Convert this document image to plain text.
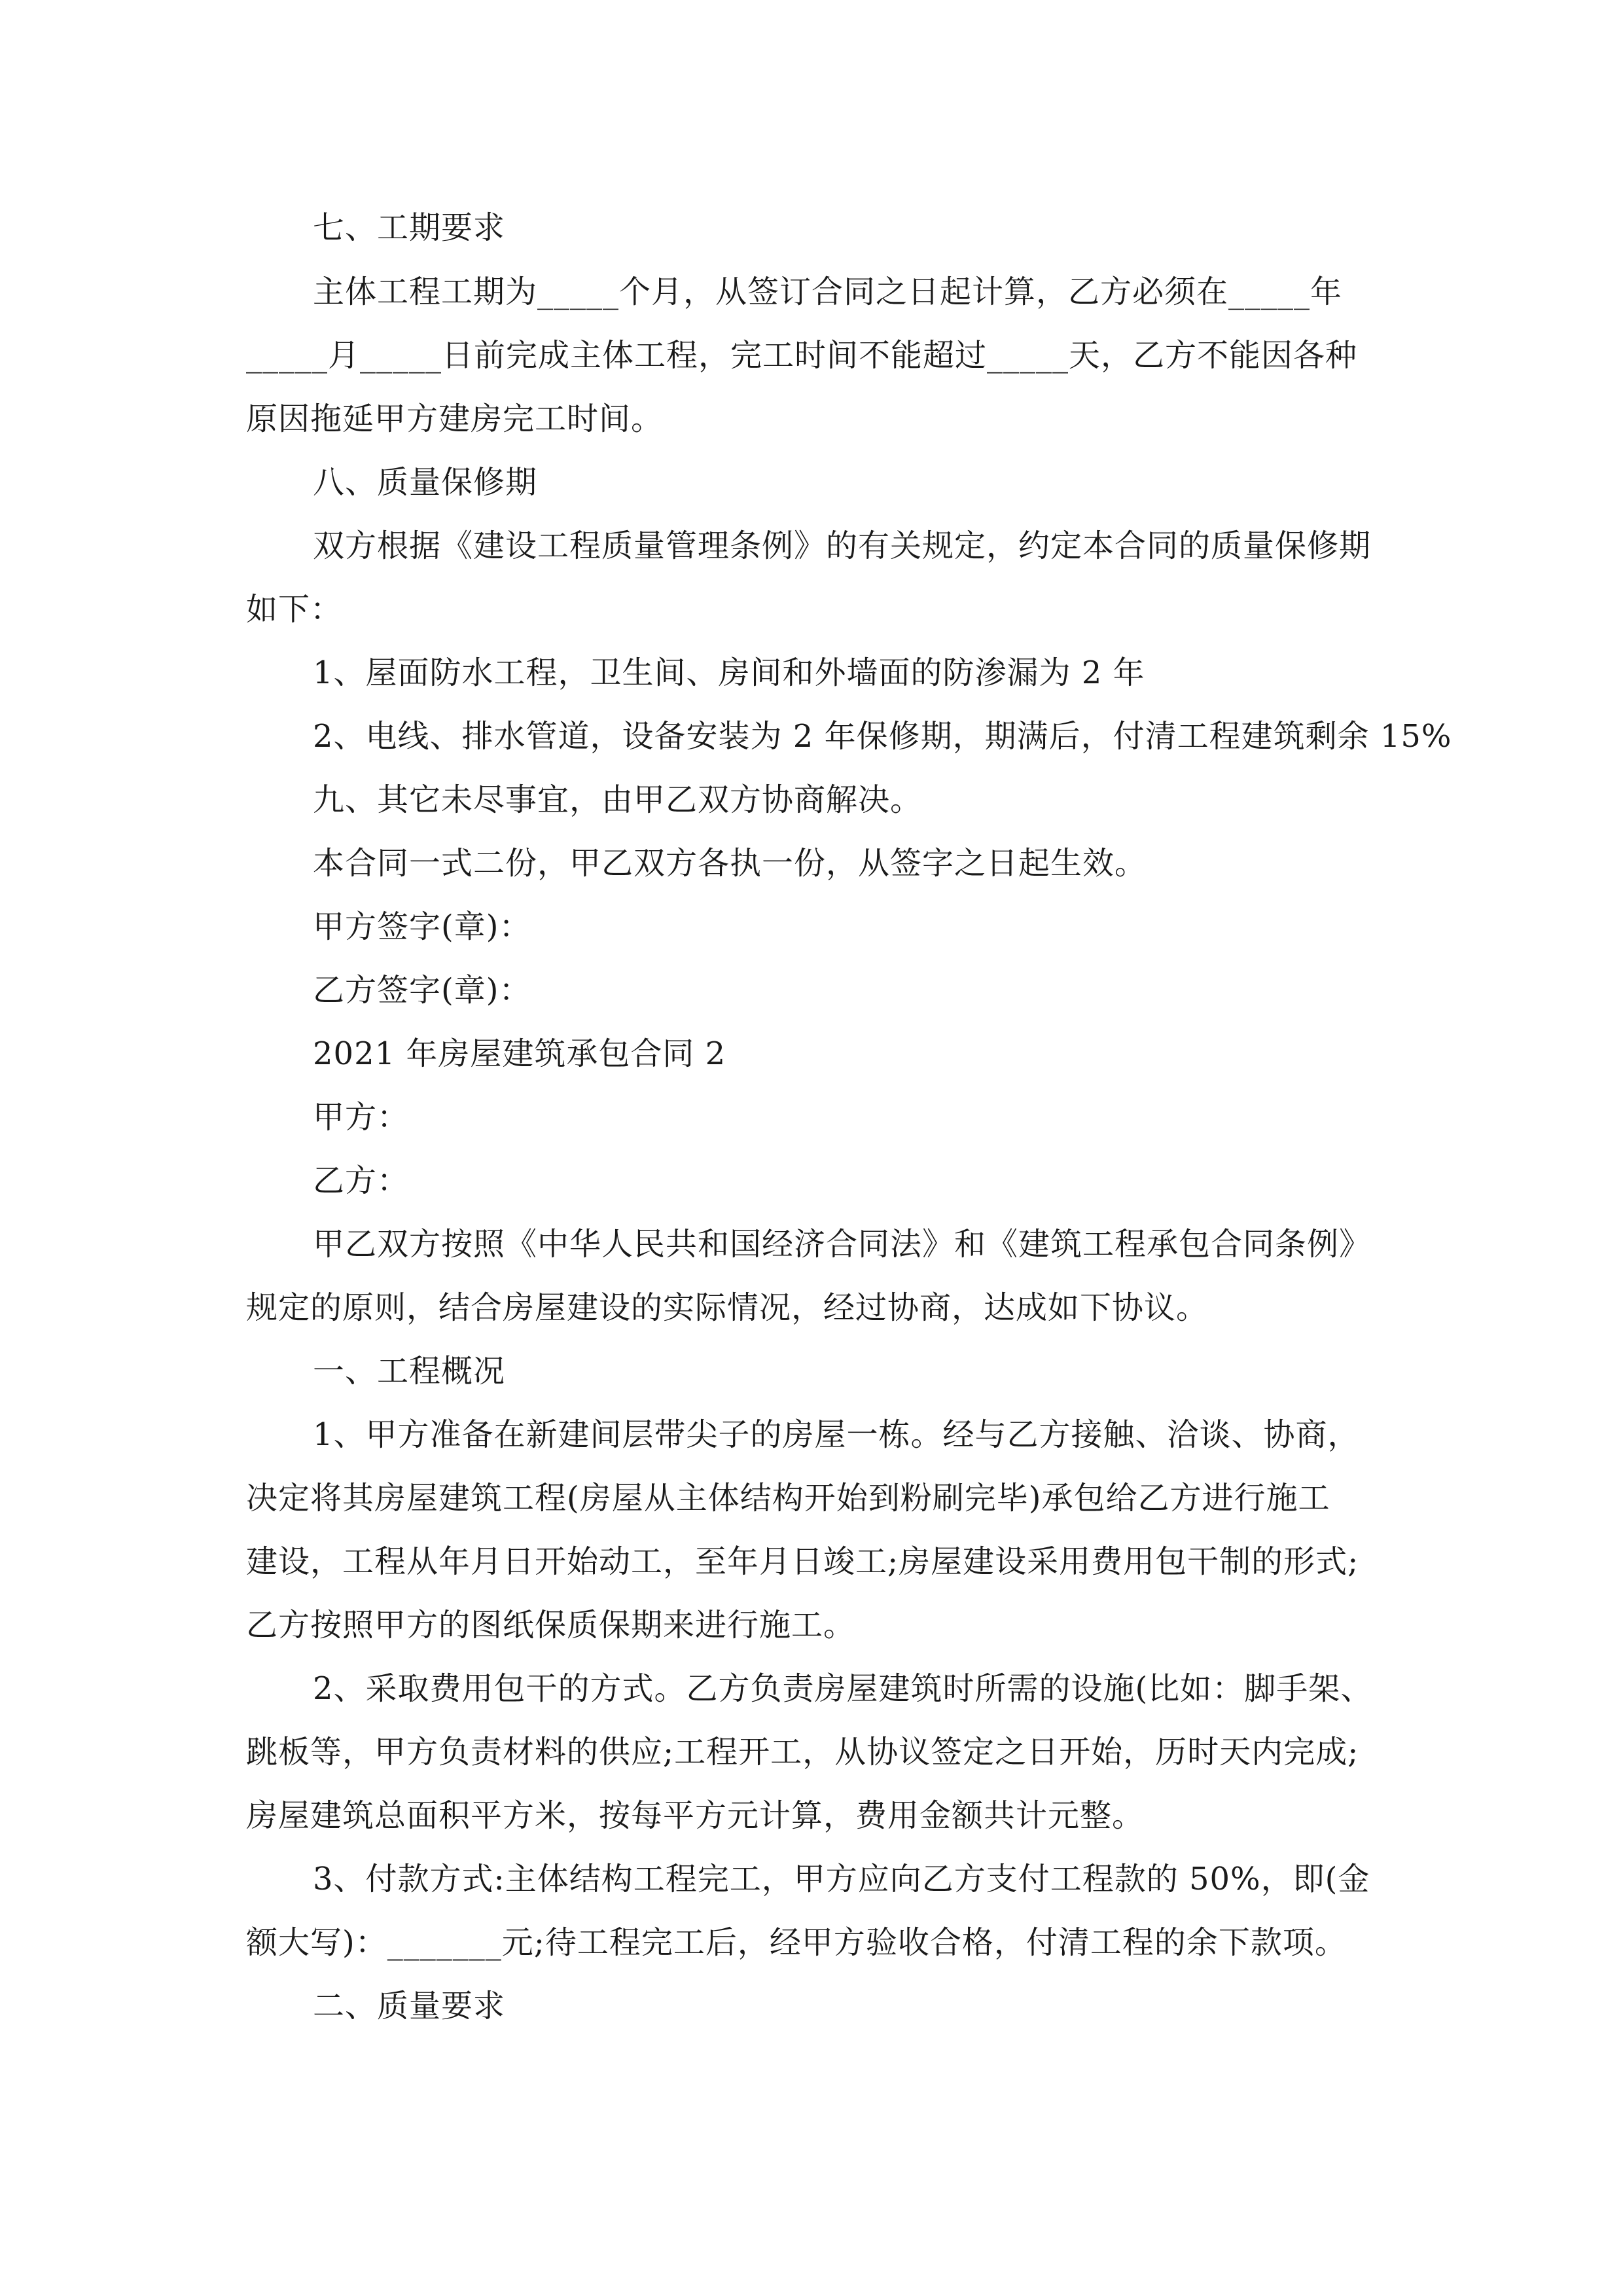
七、工期要求
主体工程工期为_____个月，从签订合同之日起计算，乙方必须在_____年
_____月_____日前完成主体工程，完工时间不能超过_____天，乙方不能因各种
原因拖延甲方建房完工时间。
八、质量保修期
双方根据《建设工程质量管理条例》的有关规定，约定本合同的质量保修期
如下：
1、屋面防水工程，卫生间、房间和外墙面的防渗漏为 2 年
2、电线、排水管道，设备安装为 2 年保修期，期满后，付清工程建筑剩余 15%
九、其它未尽事宜，由甲乙双方协商解决。
本合同一式二份，甲乙双方各执一份，从签字之日起生效。
甲方签字(章)：
乙方签字(章)：
2021 年房屋建筑承包合同 2
甲方：
乙方：
甲乙双方按照《中华人民共和国经济合同法》和《建筑工程承包合同条例》
规定的原则，结合房屋建设的实际情况，经过协商，达成如下协议。
一、工程概况
1、甲方准备在新建间层带尖子的房屋一栋。经与乙方接触、洽谈、协商，
决定将其房屋建筑工程(房屋从主体结构开始到粉刷完毕)承包给乙方进行施工
建设，工程从年月日开始动工，至年月日竣工;房屋建设采用费用包干制的形式;
乙方按照甲方的图纸保质保期来进行施工。
2、采取费用包干的方式。乙方负责房屋建筑时所需的设施(比如：脚手架、
跳板等，甲方负责材料的供应;工程开工，从协议签定之日开始，历时天内完成;
房屋建筑总面积平方米，按每平方元计算，费用金额共计元整。
3、付款方式:主体结构工程完工，甲方应向乙方支付工程款的 50%，即(金
额大写)：_______元;待工程完工后，经甲方验收合格，付清工程的余下款项。
二、质量要求
